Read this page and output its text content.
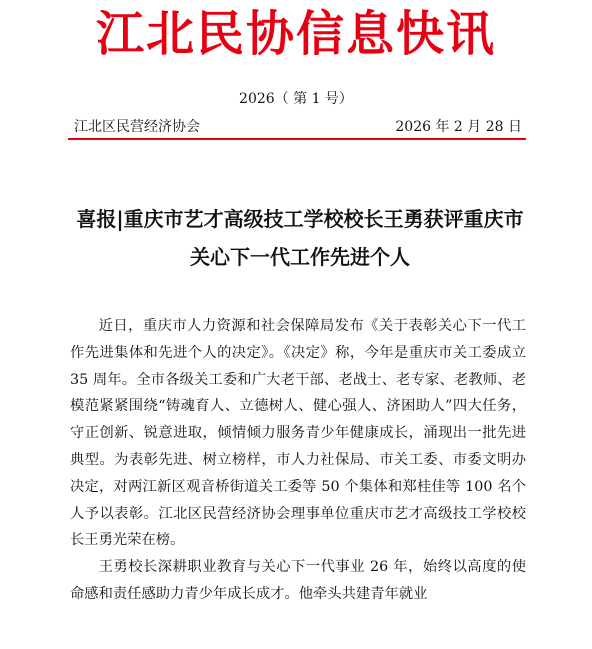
江北民协信息快讯
2026（ 第 1 号）
江北区民营经济协会	2026 年 2 月 28 日
喜报|重庆市艺才高级技工学校校长王勇获评重庆市关心下一代工作先进个人

近日，重庆市人力资源和社会保障局发布《关于表彰关心下一代工作先进集体和先进个人的决定》。《决定》称，今年是重庆市关工委成立 35 周年。全市各级关工委和广大老干部、老战士、老专家、老教师、老模范紧紧围绕“铸魂育人、立德树人、健心强人、济困助人”四大任务，守正创新、锐意进取，倾情倾力服务青少年健康成长，涌现出一批先进典型。为表彰先进、树立榜样，市人力社保局、市关工委、市委文明办决定，对两江新区观音桥街道关工委等 50 个集体和郑桂佳等 100 名个人予以表彰。江北区民营经济协会理事单位重庆市艺才高级技工学校校长王勇光荣在榜。

王勇校长深耕职业教育与关心下一代事业 26 年，始终以高度的使命感和责任感助力青少年成长成才。他牵头共建青年就业
